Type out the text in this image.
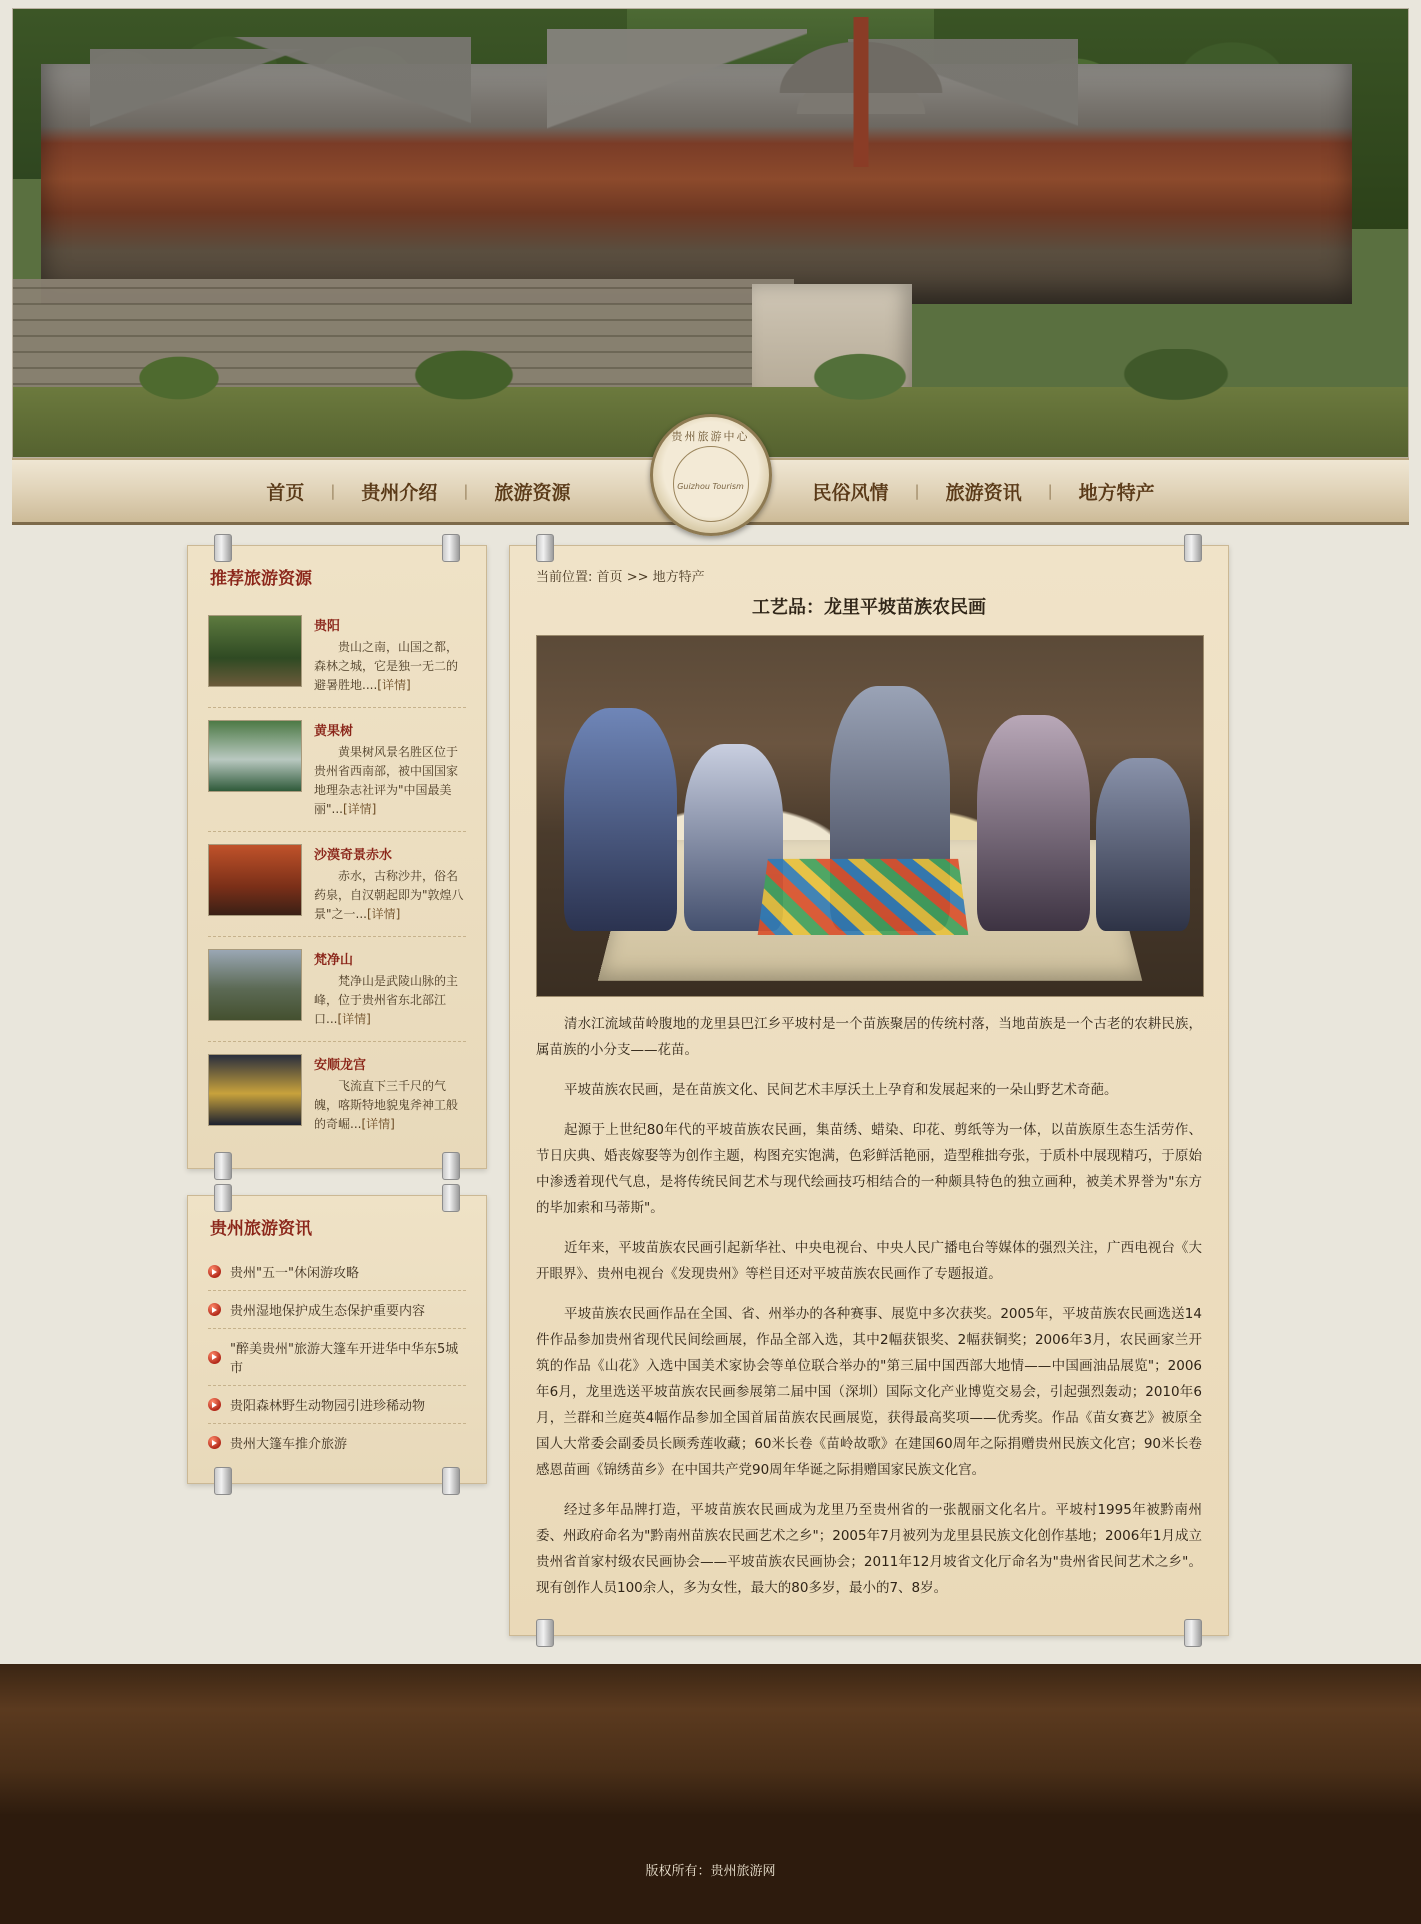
首页	|	贵州介绍	|	旅游资源	民俗风情	|	旅游资讯	|	地方特产
贵州旅游中心
Guizhou Tourism
推荐旅游资源
贵阳
贵山之南，山国之都，森林之城，它是独一无二的避暑胜地....[详情]
黄果树
黄果树风景名胜区位于贵州省西南部，被中国国家地理杂志社评为"中国最美丽"...[详情]
沙漠奇景赤水
赤水，古称沙井，俗名药泉，自汉朝起即为"敦煌八景"之一...[详情]
梵净山
梵净山是武陵山脉的主峰，位于贵州省东北部江口...[详情]
安顺龙宫
飞流直下三千尺的气魄，喀斯特地貌鬼斧神工般的奇崛...[详情]
贵州旅游资讯
贵州"五一"休闲游攻略
贵州湿地保护成生态保护重要内容
"醉美贵州"旅游大篷车开进华中华东5城市
贵阳森林野生动物园引进珍稀动物
贵州大篷车推介旅游
当前位置: 首页 >> 地方特产
工艺品：龙里平坡苗族农民画

清水江流域苗岭腹地的龙里县巴江乡平坡村是一个苗族聚居的传统村落，当地苗族是一个古老的农耕民族，属苗族的小分支——花苗。

平坡苗族农民画，是在苗族文化、民间艺术丰厚沃土上孕育和发展起来的一朵山野艺术奇葩。

起源于上世纪80年代的平坡苗族农民画，集苗绣、蜡染、印花、剪纸等为一体，以苗族原生态生活劳作、节日庆典、婚丧嫁娶等为创作主题，构图充实饱满，色彩鲜活艳丽，造型稚拙夸张，于质朴中展现精巧，于原始中渗透着现代气息，是将传统民间艺术与现代绘画技巧相结合的一种颇具特色的独立画种，被美术界誉为"东方的毕加索和马蒂斯"。

近年来，平坡苗族农民画引起新华社、中央电视台、中央人民广播电台等媒体的强烈关注，广西电视台《大开眼界》、贵州电视台《发现贵州》等栏目还对平坡苗族农民画作了专题报道。

平坡苗族农民画作品在全国、省、州举办的各种赛事、展览中多次获奖。2005年，平坡苗族农民画选送14件作品参加贵州省现代民间绘画展，作品全部入选，其中2幅获银奖、2幅获铜奖；2006年3月，农民画家兰开筑的作品《山花》入选中国美术家协会等单位联合举办的"第三届中国西部大地情——中国画油品展览"；2006年6月，龙里选送平坡苗族农民画参展第二届中国（深圳）国际文化产业博览交易会，引起强烈轰动；2010年6月，兰群和兰庭英4幅作品参加全国首届苗族农民画展览，获得最高奖项——优秀奖。作品《苗女赛艺》被原全国人大常委会副委员长顾秀莲收藏；60米长卷《苗岭故歌》在建国60周年之际捐赠贵州民族文化宫；90米长卷感恩苗画《锦绣苗乡》在中国共产党90周年华诞之际捐赠国家民族文化宫。

经过多年品牌打造，平坡苗族农民画成为龙里乃至贵州省的一张靓丽文化名片。平坡村1995年被黔南州委、州政府命名为"黔南州苗族农民画艺术之乡"；2005年7月被列为龙里县民族文化创作基地；2006年1月成立贵州省首家村级农民画协会——平坡苗族农民画协会；2011年12月坡省文化厅命名为"贵州省民间艺术之乡"。 现有创作人员100余人，多为女性，最大的80多岁，最小的7、8岁。

版权所有：贵州旅游网
